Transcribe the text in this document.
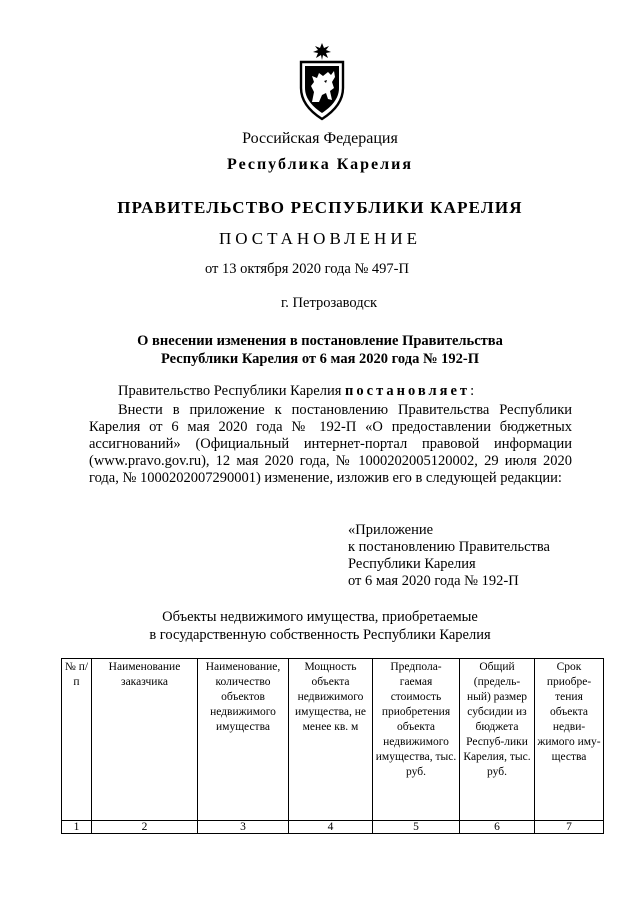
Российская Федерация
Республика Карелия
ПРАВИТЕЛЬСТВО РЕСПУБЛИКИ КАРЕЛИЯ
ПОСТАНОВЛЕНИЕ
от 13 октября 2020 года № 497-П
г. Петрозаводск
О внесении изменения в постановление Правительства
Республики Карелия от 6 мая 2020 года № 192-П
Правительство Республики Карелия постановляет:
Внести в приложение к постановлению Правительства Республики Карелия от 6 мая 2020 года № 192-П «О предоставлении бюджетных ассигнований» (Официальный интернет-портал правовой информации (www.pravo.gov.ru), 12 мая 2020 года, № 1000202005120002, 29 июля 2020 года, № 1000202007290001) изменение, изложив его в следующей редакции:
«Приложение
к постановлению Правительства
Республики Карелия
от 6 мая 2020 года № 192-П
Объекты недвижимого имущества, приобретаемые
в государственную собственность Республики Карелия
№ п/п	Наименование заказчика	Наименование, количество объектов недвижимого имущества	Мощность объекта недвижимого имущества, не менее кв. м	Предпола-гаемая стоимость приобретения объекта недвижимого имущества, тыс. руб.	Общий (предель-ный) размер субсидии из бюджета Респуб-лики Карелия, тыс. руб.	Срок приобре-тения объекта недви-жимого иму-щества
1	2	3	4	5	6	7
